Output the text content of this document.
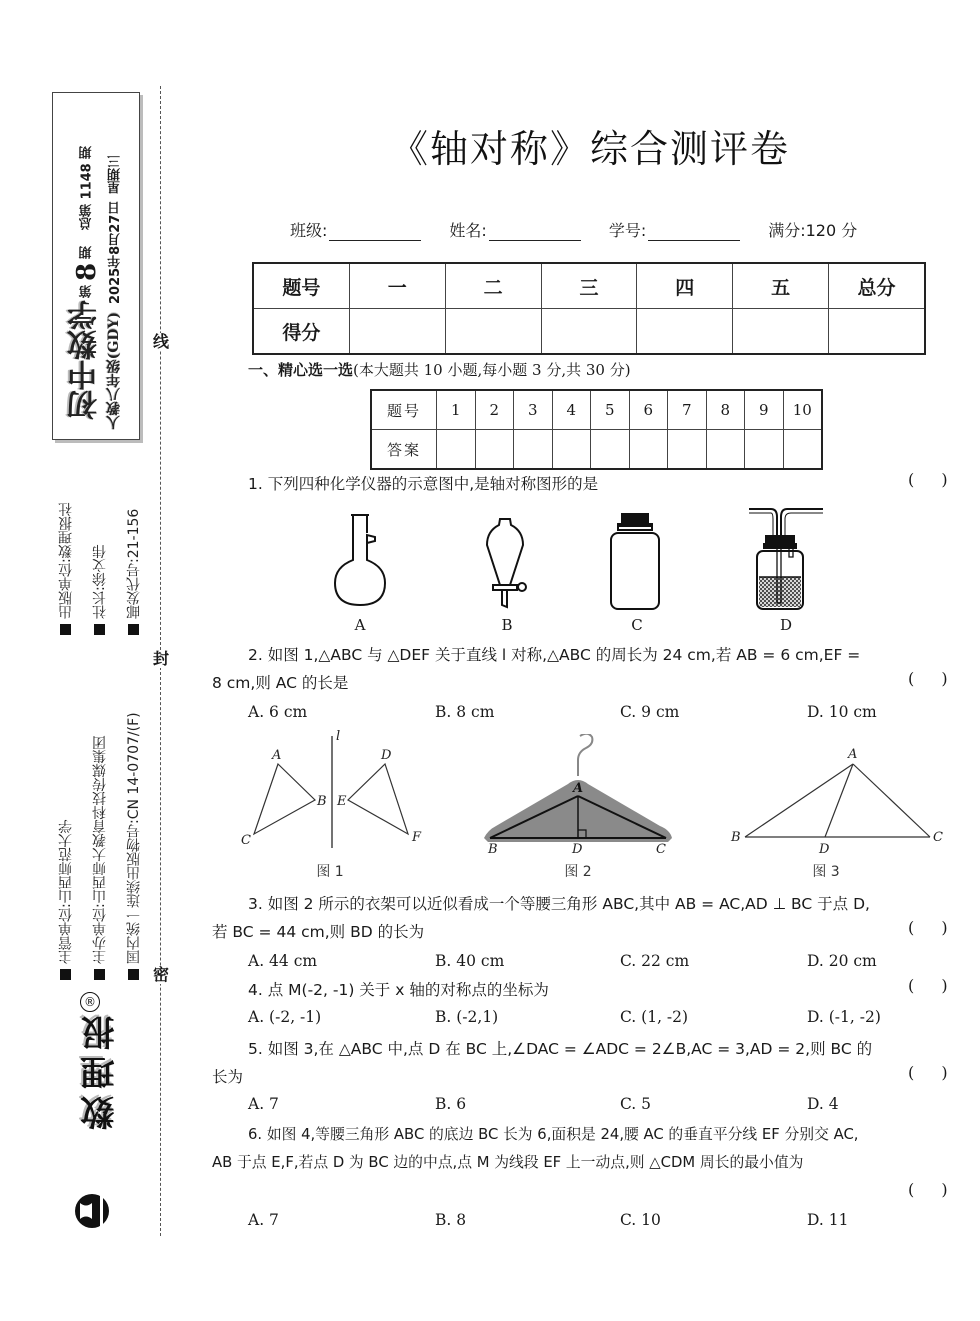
初中数学 人教八年级(GDY)
第
8
期
总第 1148 期
2025年8月27日
星期三
主管单位:山西师范大学
出版单位:数理报社
主办单位:山西师大教育科技传媒集团
社长:徐文伟
国内统一连续出版物号:CN 14-0707/(F)
邮发代号:21-156
数理报
®
线
封
密
《轴对称》综合测评卷
班级:	姓名:	学号:	满分:120 分
题号	一	二	三	四	五	总分
得分						
一、精心选一选(本大题共 10 小题,每小题 3 分,共 30 分)
题号	1	2	3	4	5	6	7	8	9	10
答案										
1. 下列四种化学仪器的示意图中,是轴对称图形的是	( )
A	B	C	D
2. 如图 1,△ABC 与 △DEF 关于直线 l 对称,△ABC 的周长为 24 cm,若 AB = 6 cm,EF =
8 cm,则 AC 的长是	( )
A. 6 cm	B. 8 cm	C. 9 cm	D. 10 cm
l
A
B
C
D
E
F
图 1
A
B	C
D
图 2
A
B	C
D
图 3
3. 如图 2 所示的衣架可以近似看成一个等腰三角形 ABC,其中 AB = AC,AD ⊥ BC 于点 D,
若 BC = 44 cm,则 BD 的长为	( )
A. 44 cm	B. 40 cm	C. 22 cm	D. 20 cm
4. 点 M(-2, -1) 关于 x 轴的对称点的坐标为	( )
A. (-2, -1)	B. (-2,1)	C. (1, -2)	D. (-1, -2)
5. 如图 3,在 △ABC 中,点 D 在 BC 上,∠DAC = ∠ADC = 2∠B,AC = 3,AD = 2,则 BC 的
长为	( )
A. 7	B. 6	C. 5	D. 4
6. 如图 4,等腰三角形 ABC 的底边 BC 长为 6,面积是 24,腰 AC 的垂直平分线 EF 分别交 AC,
AB 于点 E,F,若点 D 为 BC 边的中点,点 M 为线段 EF 上一动点,则 △CDM 周长的最小值为
( )
A. 7	B. 8	C. 10	D. 11
